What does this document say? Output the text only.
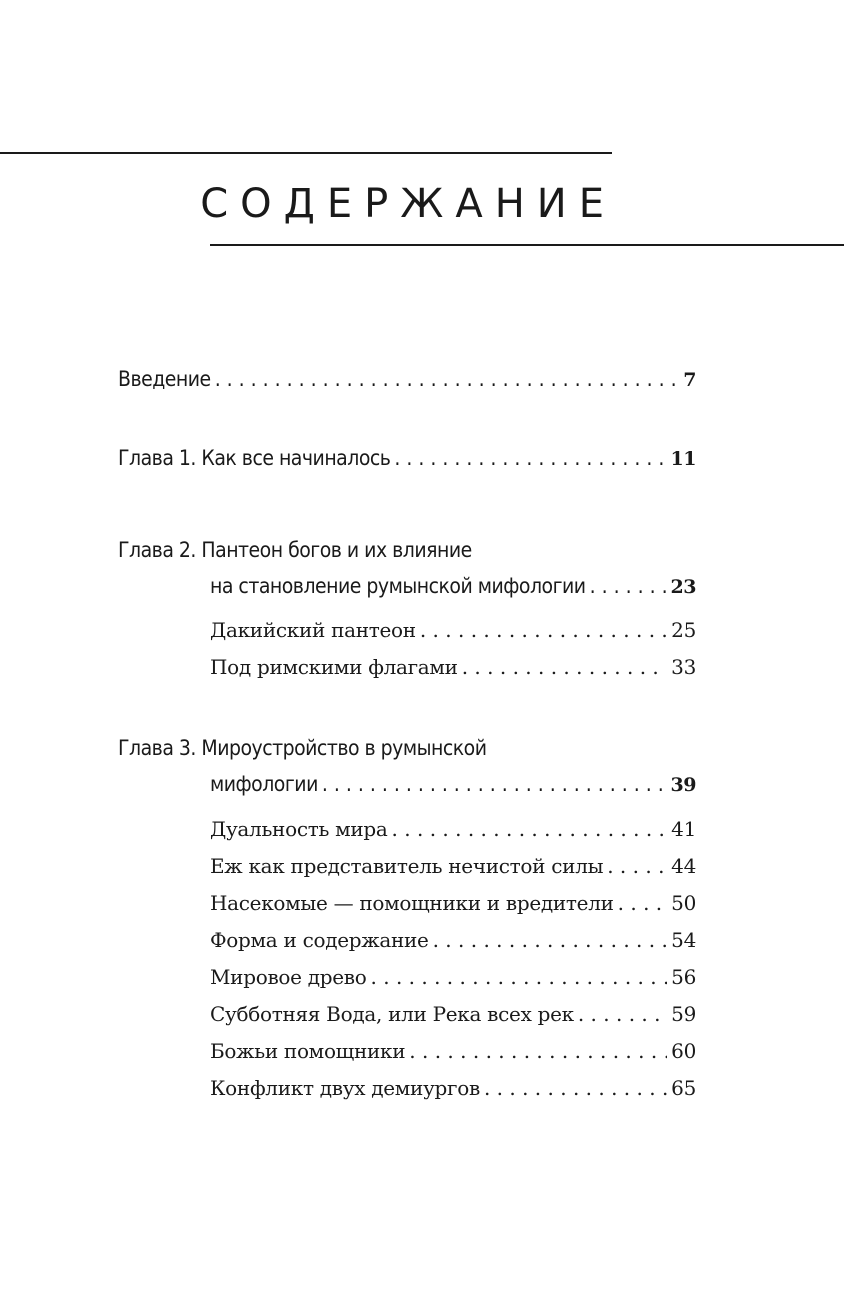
СОДЕРЖАНИЕ
Введение . . .	7
Глава 1. Как все начиналось . . .	11
Глава 2. Пантеон богов и их влияние
на становление румынской мифологии . . .	23
Дакийский пантеон . . .	25
Под римскими флагами . . .	33
Глава 3. Мироустройство в румынской
мифологии . . .	39
Дуальность мира . . .	41
Еж как представитель нечистой силы . . .	44
Насекомые — помощники и вредители . . .	50
Форма и содержание . . .	54
Мировое древо . . .	56
Субботняя Вода, или Река всех рек . . .	59
Божьи помощники . . .	60
Конфликт двух демиургов . . .	65
